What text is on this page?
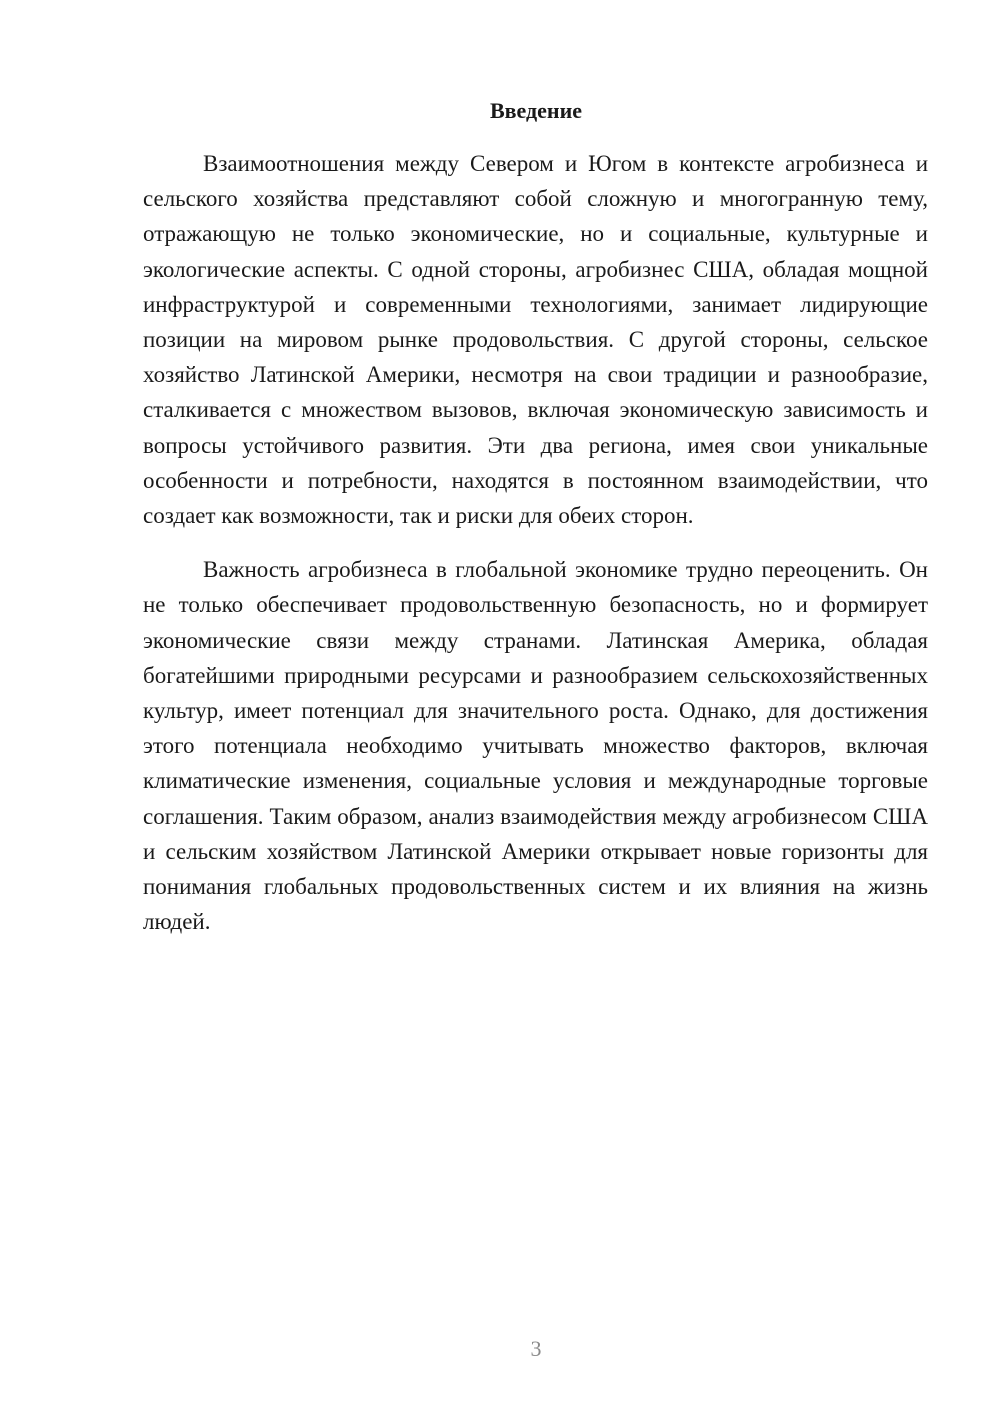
Введение

Взаимоотношения между Севером и Югом в контексте агробизнеса и сельского хозяйства представляют собой сложную и многогранную тему, отражающую не только экономические, но и социальные, культурные и экологические аспекты. С одной стороны, агробизнес США, обладая мощной инфраструктурой и современными технологиями, занимает лидирующие позиции на мировом рынке продовольствия. С другой стороны, сельское хозяйство Латинской Америки, несмотря на свои традиции и разнообразие, сталкивается с множеством вызовов, включая экономическую зависимость и вопросы устойчивого развития. Эти два региона, имея свои уникальные особенности и потребности, находятся в постоянном взаимодействии, что создает как возможности, так и риски для обеих сторон.

Важность агробизнеса в глобальной экономике трудно переоценить. Он не только обеспечивает продовольственную безопасность, но и формирует экономические связи между странами. Латинская Америка, обладая богатейшими природными ресурсами и разнообразием сельскохозяйственных культур, имеет потенциал для значительного роста. Однако, для достижения этого потенциала необходимо учитывать множество факторов, включая климатические изменения, социальные условия и международные торговые соглашения. Таким образом, анализ взаимодействия между агробизнесом США и сельским хозяйством Латинской Америки открывает новые горизонты для понимания глобальных продовольственных систем и их влияния на жизнь людей.

3
